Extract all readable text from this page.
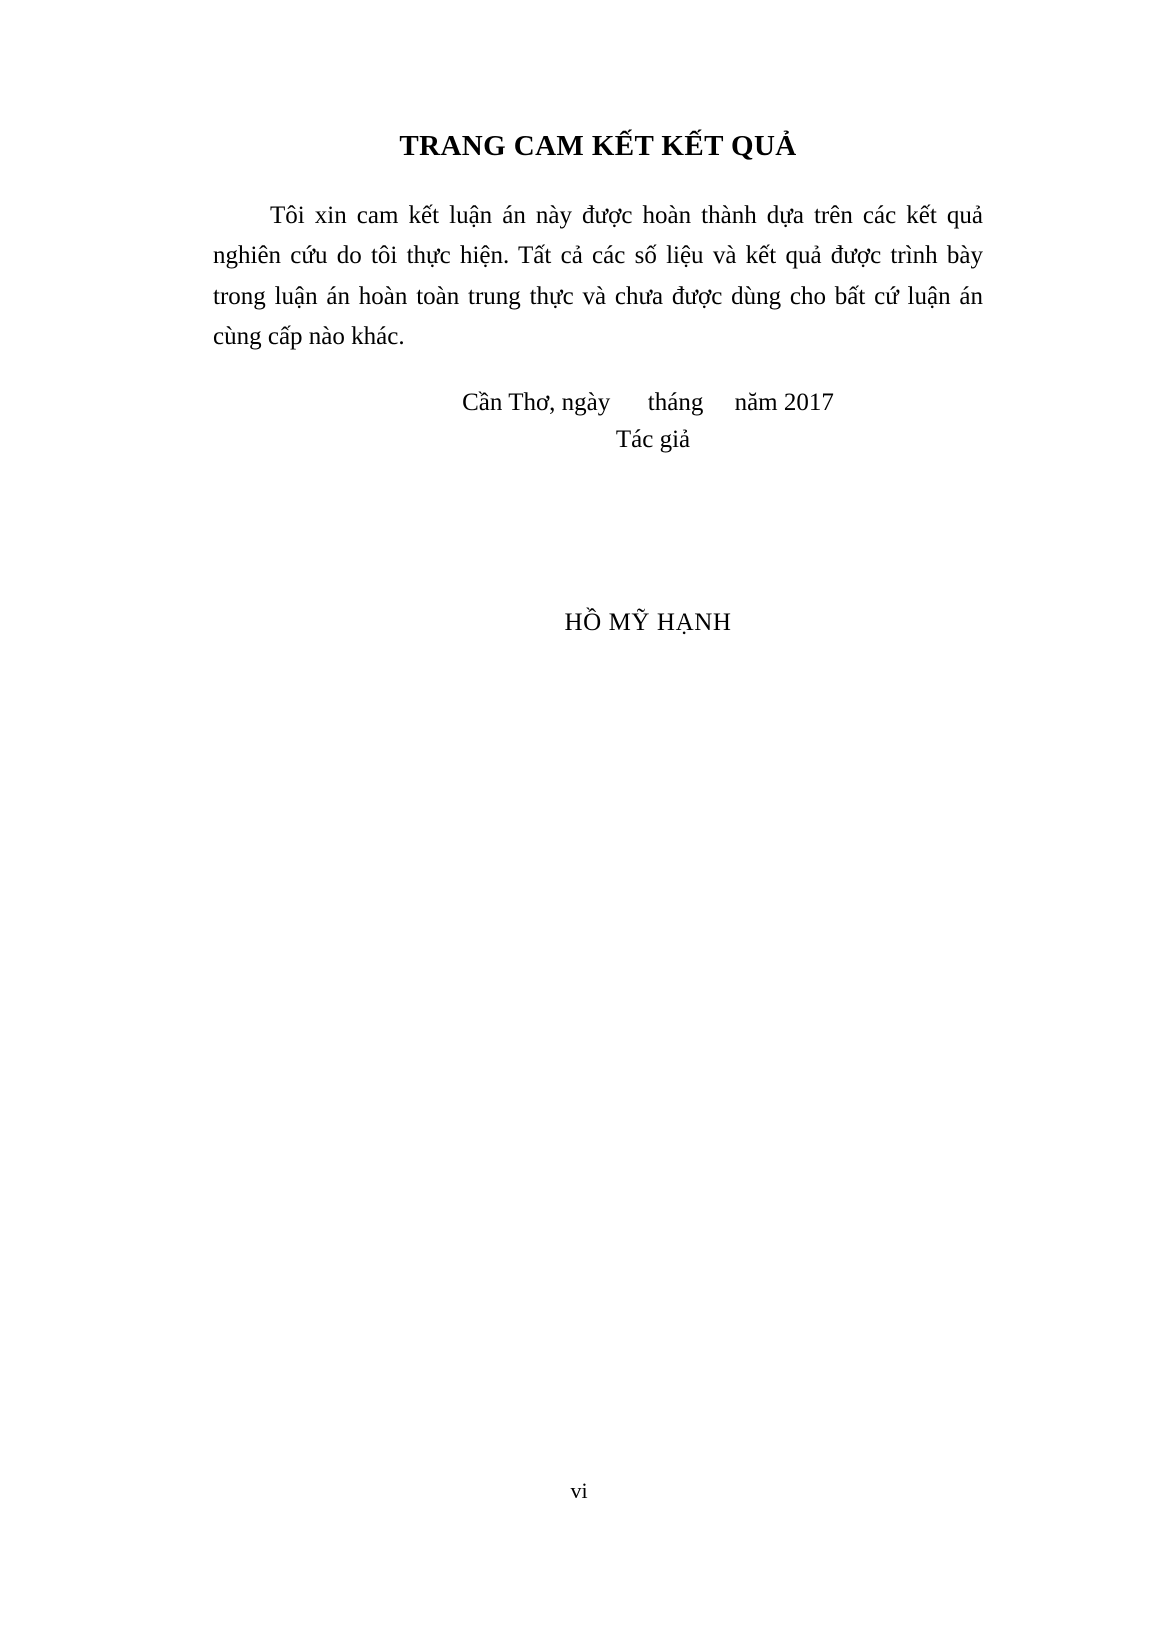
TRANG CAM KẾT KẾT QUẢ

Tôi xin cam kết luận án này được hoàn thành dựa trên các kết quả nghiên cứu do tôi thực hiện. Tất cả các số liệu và kết quả được trình bày trong luận án hoàn toàn trung thực và chưa được dùng cho bất cứ luận án cùng cấp nào khác.

Cần Thơ, ngày      tháng     năm 2017
Tác giả
HỒ MỸ HẠNH
vi
